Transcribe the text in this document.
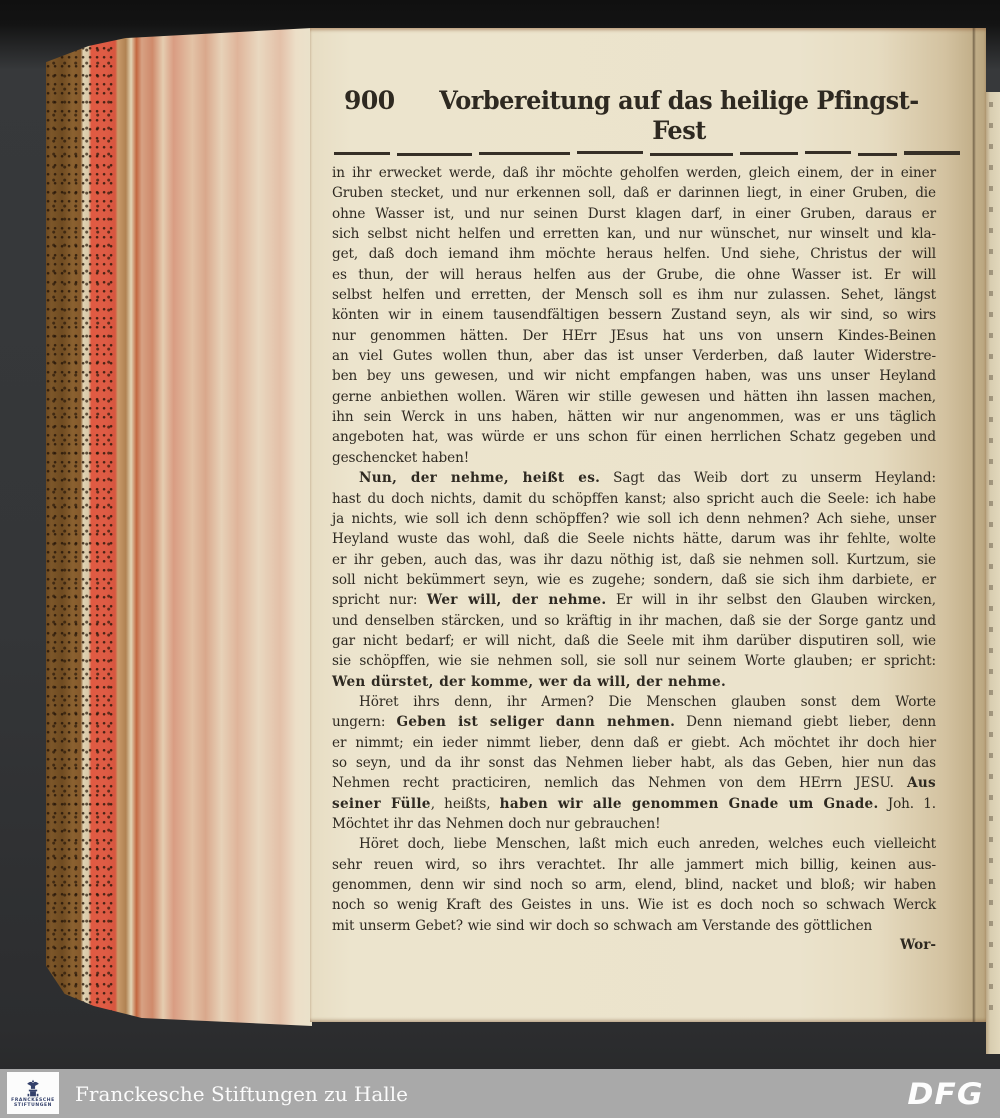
900	Vorbereitung auf das heilige Pfingst-Fest
in ihr erwecket werde, daß ihr möchte geholfen werden, gleich einem, der in einer
Gruben stecket, und nur erkennen soll, daß er darinnen liegt, in einer Gruben, die
ohne Wasser ist, und nur seinen Durst klagen darf, in einer Gruben, daraus er
sich selbst nicht helfen und erretten kan, und nur wünschet, nur winselt und kla-
get, daß doch iemand ihm möchte heraus helfen. Und siehe, Christus der will
es thun, der will heraus helfen aus der Grube, die ohne Wasser ist. Er will
selbst helfen und erretten, der Mensch soll es ihm nur zulassen. Sehet, längst
könten wir in einem tausendfältigen bessern Zustand seyn, als wir sind, so wirs
nur genommen hätten. Der HErr JEsus hat uns von unsern Kindes-Beinen
an viel Gutes wollen thun, aber das ist unser Verderben, daß lauter Widerstre-
ben bey uns gewesen, und wir nicht empfangen haben, was uns unser Heyland
gerne anbiethen wollen. Wären wir stille gewesen und hätten ihn lassen machen,
ihn sein Werck in uns haben, hätten wir nur angenommen, was er uns täglich
angeboten hat, was würde er uns schon für einen herrlichen Schatz gegeben und
geschencket haben!
Nun, der nehme, heißt es. Sagt das Weib dort zu unserm Heyland:
hast du doch nichts, damit du schöpffen kanst; also spricht auch die Seele: ich habe
ja nichts, wie soll ich denn schöpffen? wie soll ich denn nehmen? Ach siehe, unser
Heyland wuste das wohl, daß die Seele nichts hätte, darum was ihr fehlte, wolte
er ihr geben, auch das, was ihr dazu nöthig ist, daß sie nehmen soll. Kurtzum, sie
soll nicht bekümmert seyn, wie es zugehe; sondern, daß sie sich ihm darbiete, er
spricht nur: Wer will, der nehme. Er will in ihr selbst den Glauben wircken,
und denselben stärcken, und so kräftig in ihr machen, daß sie der Sorge gantz und
gar nicht bedarf; er will nicht, daß die Seele mit ihm darüber disputiren soll, wie
sie schöpffen, wie sie nehmen soll, sie soll nur seinem Worte glauben; er spricht:
Wen dürstet, der komme, wer da will, der nehme.
Höret ihrs denn, ihr Armen? Die Menschen glauben sonst dem Worte
ungern: Geben ist seliger dann nehmen. Denn niemand giebt lieber, denn
er nimmt; ein ieder nimmt lieber, denn daß er giebt. Ach möchtet ihr doch hier
so seyn, und da ihr sonst das Nehmen lieber habt, als das Geben, hier nun das
Nehmen recht practiciren, nemlich das Nehmen von dem HErrn JESU. Aus
seiner Fülle, heißts, haben wir alle genommen Gnade um Gnade. Joh. 1.
Möchtet ihr das Nehmen doch nur gebrauchen!
Höret doch, liebe Menschen, laßt mich euch anreden, welches euch vielleicht
sehr reuen wird, so ihrs verachtet. Ihr alle jammert mich billig, keinen aus-
genommen, denn wir sind noch so arm, elend, blind, nacket und bloß; wir haben
noch so wenig Kraft des Geistes in uns. Wie ist es doch noch so schwach Werck
mit unserm Gebet? wie sind wir doch so schwach am Verstande des göttlichen
Wor-
FRANCKESCHE
STIFTUNGEN Franckesche Stiftungen zu Halle	DFG
